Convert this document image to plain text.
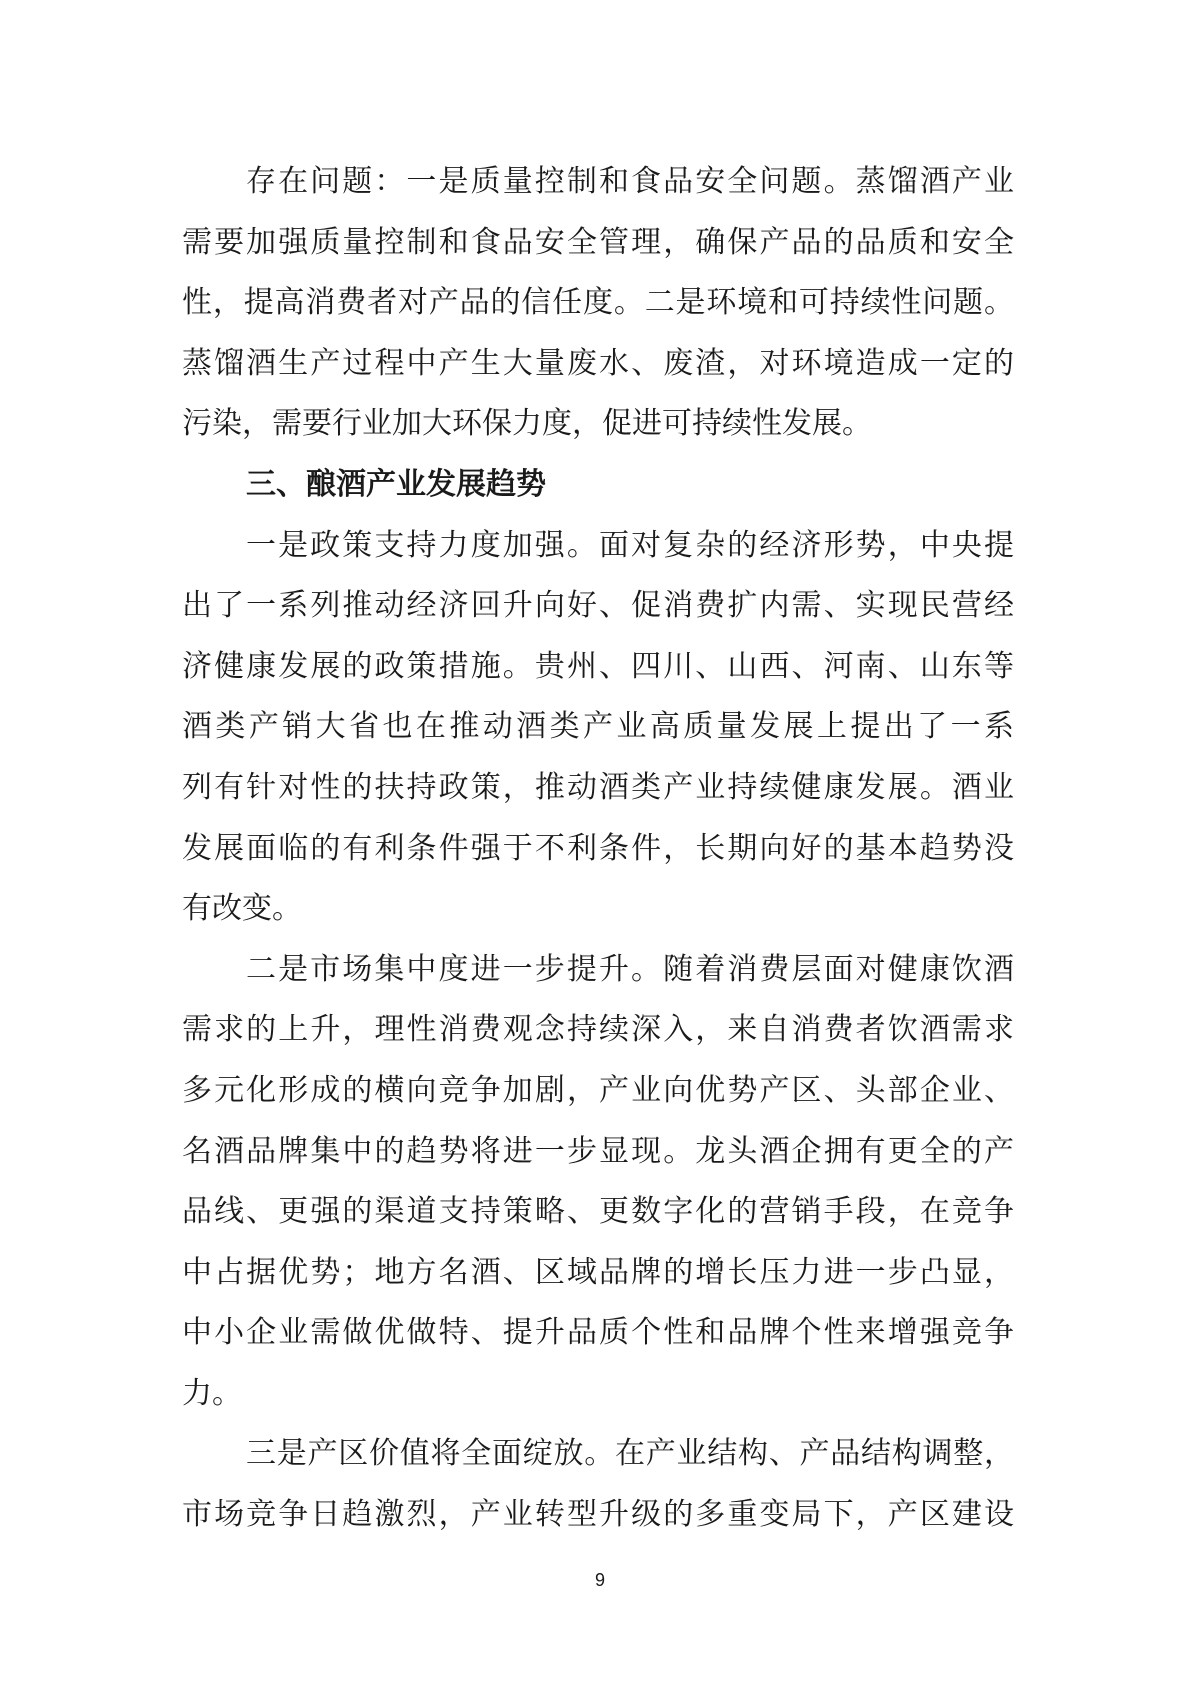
存在问题：一是质量控制和食品安全问题。蒸馏酒产业
需要加强质量控制和食品安全管理，确保产品的品质和安全
性，提高消费者对产品的信任度。二是环境和可持续性问题。
蒸馏酒生产过程中产生大量废水、废渣，对环境造成一定的
污染，需要行业加大环保力度，促进可持续性发展。
三、酿酒产业发展趋势
一是政策支持力度加强。面对复杂的经济形势，中央提
出了一系列推动经济回升向好、促消费扩内需、实现民营经
济健康发展的政策措施。贵州、四川、山西、河南、山东等
酒类产销大省也在推动酒类产业高质量发展上提出了一系
列有针对性的扶持政策，推动酒类产业持续健康发展。酒业
发展面临的有利条件强于不利条件，长期向好的基本趋势没
有改变。
二是市场集中度进一步提升。随着消费层面对健康饮酒
需求的上升，理性消费观念持续深入，来自消费者饮酒需求
多元化形成的横向竞争加剧，产业向优势产区、头部企业、
名酒品牌集中的趋势将进一步显现。龙头酒企拥有更全的产
品线、更强的渠道支持策略、更数字化的营销手段，在竞争
中占据优势；地方名酒、区域品牌的增长压力进一步凸显，
中小企业需做优做特、提升品质个性和品牌个性来增强竞争
力。
三是产区价值将全面绽放。在产业结构、产品结构调整，
市场竞争日趋激烈，产业转型升级的多重变局下，产区建设
9
